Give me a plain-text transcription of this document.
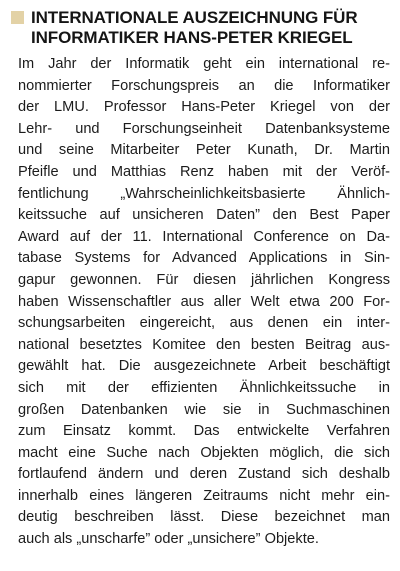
INTERNATIONALE AUSZEICHNUNG FÜR
INFORMATIKER HANS-PETER KRIEGEL
Im Jahr der Informatik geht ein international re-
nommierter Forschungspreis an die Informatiker
der LMU. Professor Hans-Peter Kriegel von der
Lehr- und Forschungseinheit Datenbanksysteme
und seine Mitarbeiter Peter Kunath, Dr. Martin
Pfeifle und Matthias Renz haben mit der Veröf-
fentlichung „Wahrscheinlichkeitsbasierte Ähnlich-
keitssuche auf unsicheren Daten” den Best Paper
Award auf der 11. International Conference on Da-
tabase Systems for Advanced Applications in Sin-
gapur gewonnen. Für diesen jährlichen Kongress
haben Wissenschaftler aus aller Welt etwa 200 For-
schungsarbeiten eingereicht, aus denen ein inter-
national besetztes Komitee den besten Beitrag aus-
gewählt hat. Die ausgezeichnete Arbeit beschäftigt
sich mit der effizienten Ähnlichkeitssuche in
großen Datenbanken wie sie in Suchmaschinen
zum Einsatz kommt. Das entwickelte Verfahren
macht eine Suche nach Objekten möglich, die sich
fortlaufend ändern und deren Zustand sich deshalb
innerhalb eines längeren Zeitraums nicht mehr ein-
deutig beschreiben lässt. Diese bezeichnet man
auch als „unscharfe” oder „unsichere” Objekte.
